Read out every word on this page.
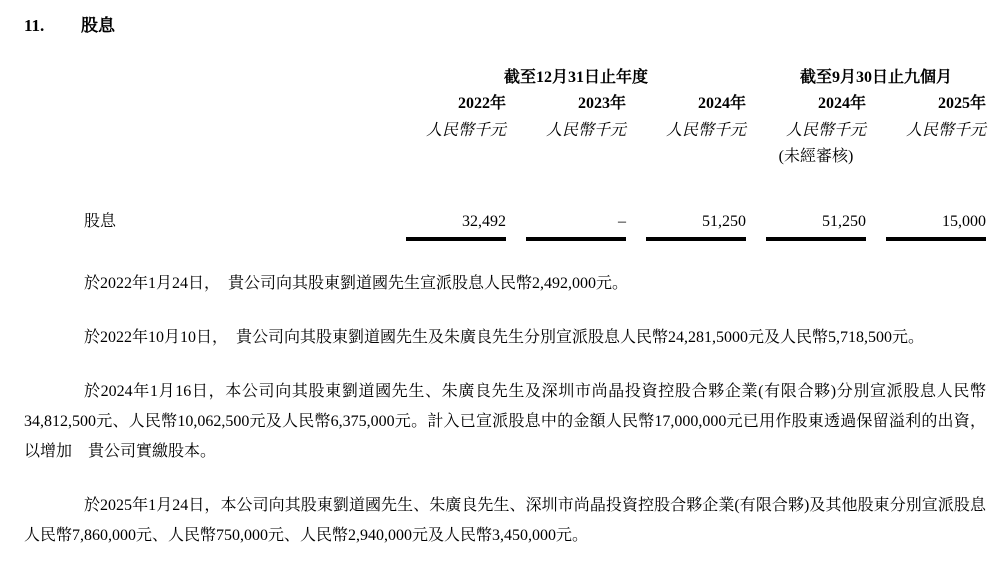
11. 股息
截至12月31日止年度	截至9月30日止九個月
2022年	2023年	2024年	2024年	2025年
人民幣千元	人民幣千元	人民幣千元	人民幣千元	人民幣千元
(未經審核)
股息	32,492	–	51,250	51,250	15,000

於2022年1月24日，　貴公司向其股東劉道國先生宣派股息人民幣2,492,000元。

於2022年10月10日，　貴公司向其股東劉道國先生及朱廣良先生分別宣派股息人民幣24,281,5000元及人民幣5,718,500元。

於2024年1月16日，本公司向其股東劉道國先生、朱廣良先生及深圳市尚晶投資控股合夥企業(有限合夥)分別宣派股息人民幣34,812,500元、人民幣10,062,500元及人民幣6,375,000元。計入已宣派股息中的金額人民幣17,000,000元已用作股東透過保留溢利的出資，以增加　貴公司實繳股本。

於2025年1月24日，本公司向其股東劉道國先生、朱廣良先生、深圳市尚晶投資控股合夥企業(有限合夥)及其他股東分別宣派股息人民幣7,860,000元、人民幣750,000元、人民幣2,940,000元及人民幣3,450,000元。
